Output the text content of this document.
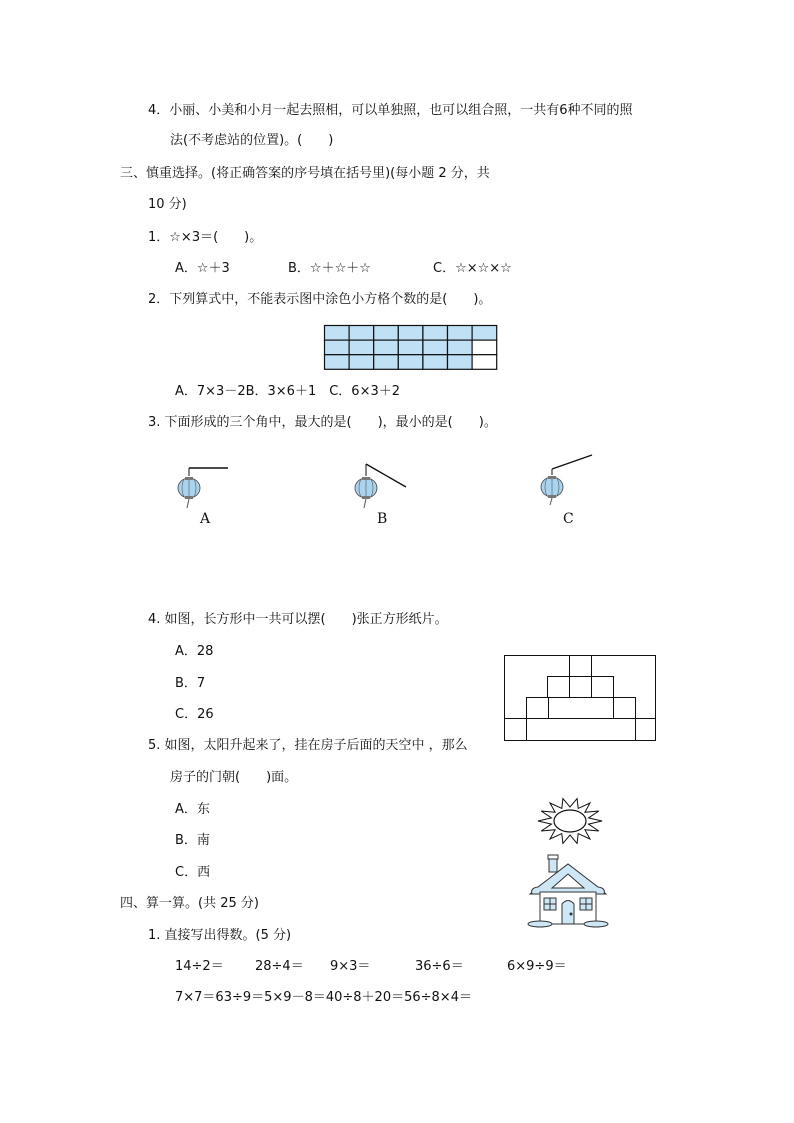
4．小丽、小美和小月一起去照相，可以单独照，也可以组合照，一共有6种不同的照
法(不考虑站的位置)。(　　)
三、慎重选择。(将正确答案的序号填在括号里)(每小题 2 分，共
10 分)
1．☆×3＝(　　)。
A．☆＋3	B．☆＋☆＋☆	C．☆×☆×☆
2．下列算式中，不能表示图中涂色小方格个数的是(　　)。
A．7×3－2B．3×6＋1　C．6×3＋2
3. 下面形成的三个角中，最大的是(　　)，最小的是(　　)。
A	B	C
4. 如图，长方形中一共可以摆(　　)张正方形纸片。
A．28
B．7
C．26
5. 如图，太阳升起来了，挂在房子后面的天空中 ，那么
房子的门朝(　　)面。
A．东
B．南
C．西
四、算一算。(共 25 分)
1. 直接写出得数。(5 分)
14÷2＝ 28÷4＝ 9×3＝	36÷6＝	6×9÷9＝
7×7＝63÷9＝5×9－8＝40÷8＋20＝56÷8×4＝
